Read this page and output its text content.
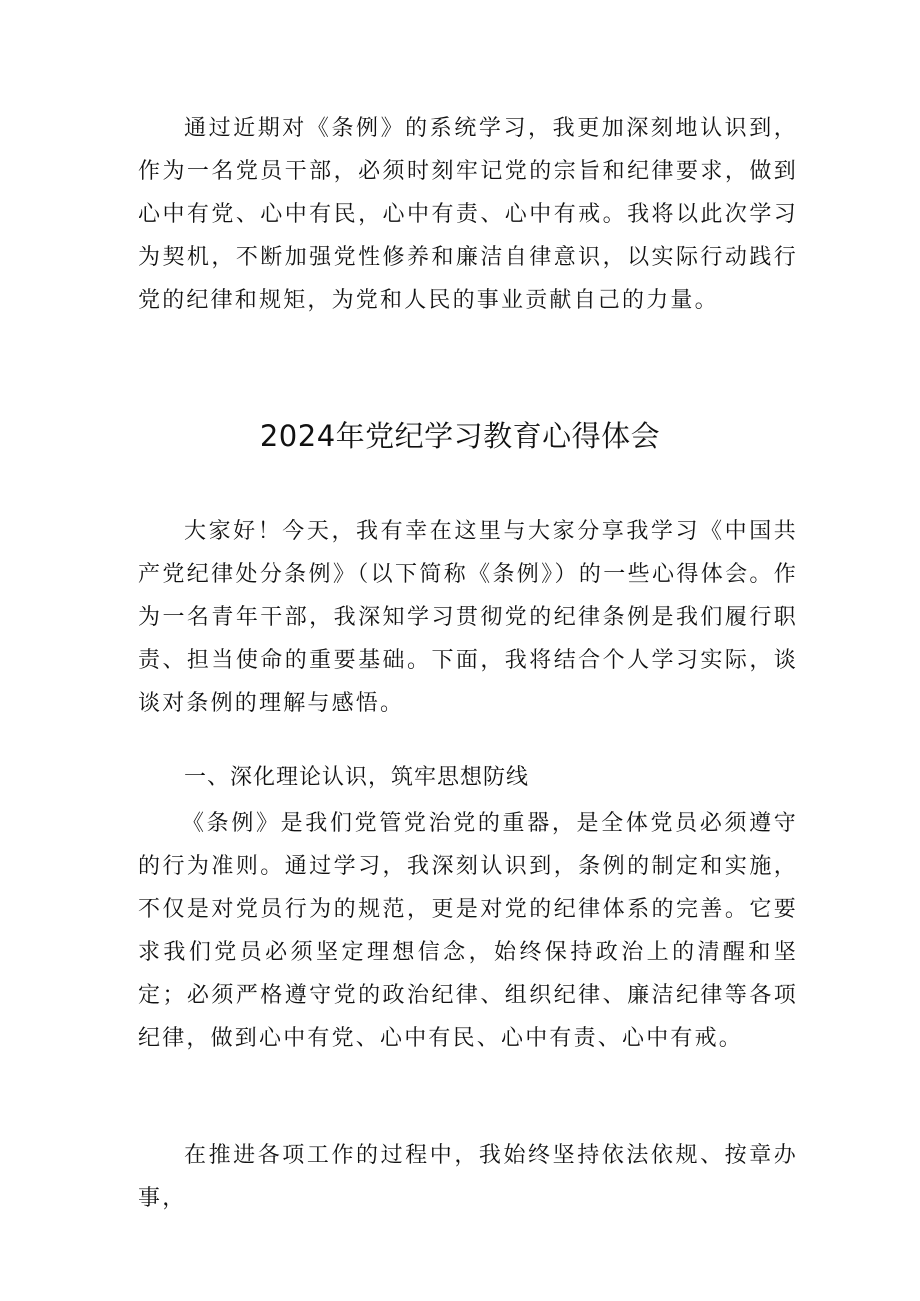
通过近期对《条例》的系统学习，我更加深刻地认识到，作为一名党员干部，必须时刻牢记党的宗旨和纪律要求，做到心中有党、心中有民，心中有责、心中有戒。我将以此次学习为契机，不断加强党性修养和廉洁自律意识，以实际行动践行党的纪律和规矩，为党和人民的事业贡献自己的力量。

2024年党纪学习教育心得体会

大家好！今天，我有幸在这里与大家分享我学习《中国共产党纪律处分条例》（以下简称《条例》）的一些心得体会。作为一名青年干部，我深知学习贯彻党的纪律条例是我们履行职责、担当使命的重要基础。下面，我将结合个人学习实际，谈谈对条例的理解与感悟。

一、深化理论认识，筑牢思想防线

《条例》是我们党管党治党的重器，是全体党员必须遵守的行为准则。通过学习，我深刻认识到，条例的制定和实施，不仅是对党员行为的规范，更是对党的纪律体系的完善。它要求我们党员必须坚定理想信念，始终保持政治上的清醒和坚定；必须严格遵守党的政治纪律、组织纪律、廉洁纪律等各项纪律，做到心中有党、心中有民、心中有责、心中有戒。

在推进各项工作的过程中，我始终坚持依法依规、按章办事，
